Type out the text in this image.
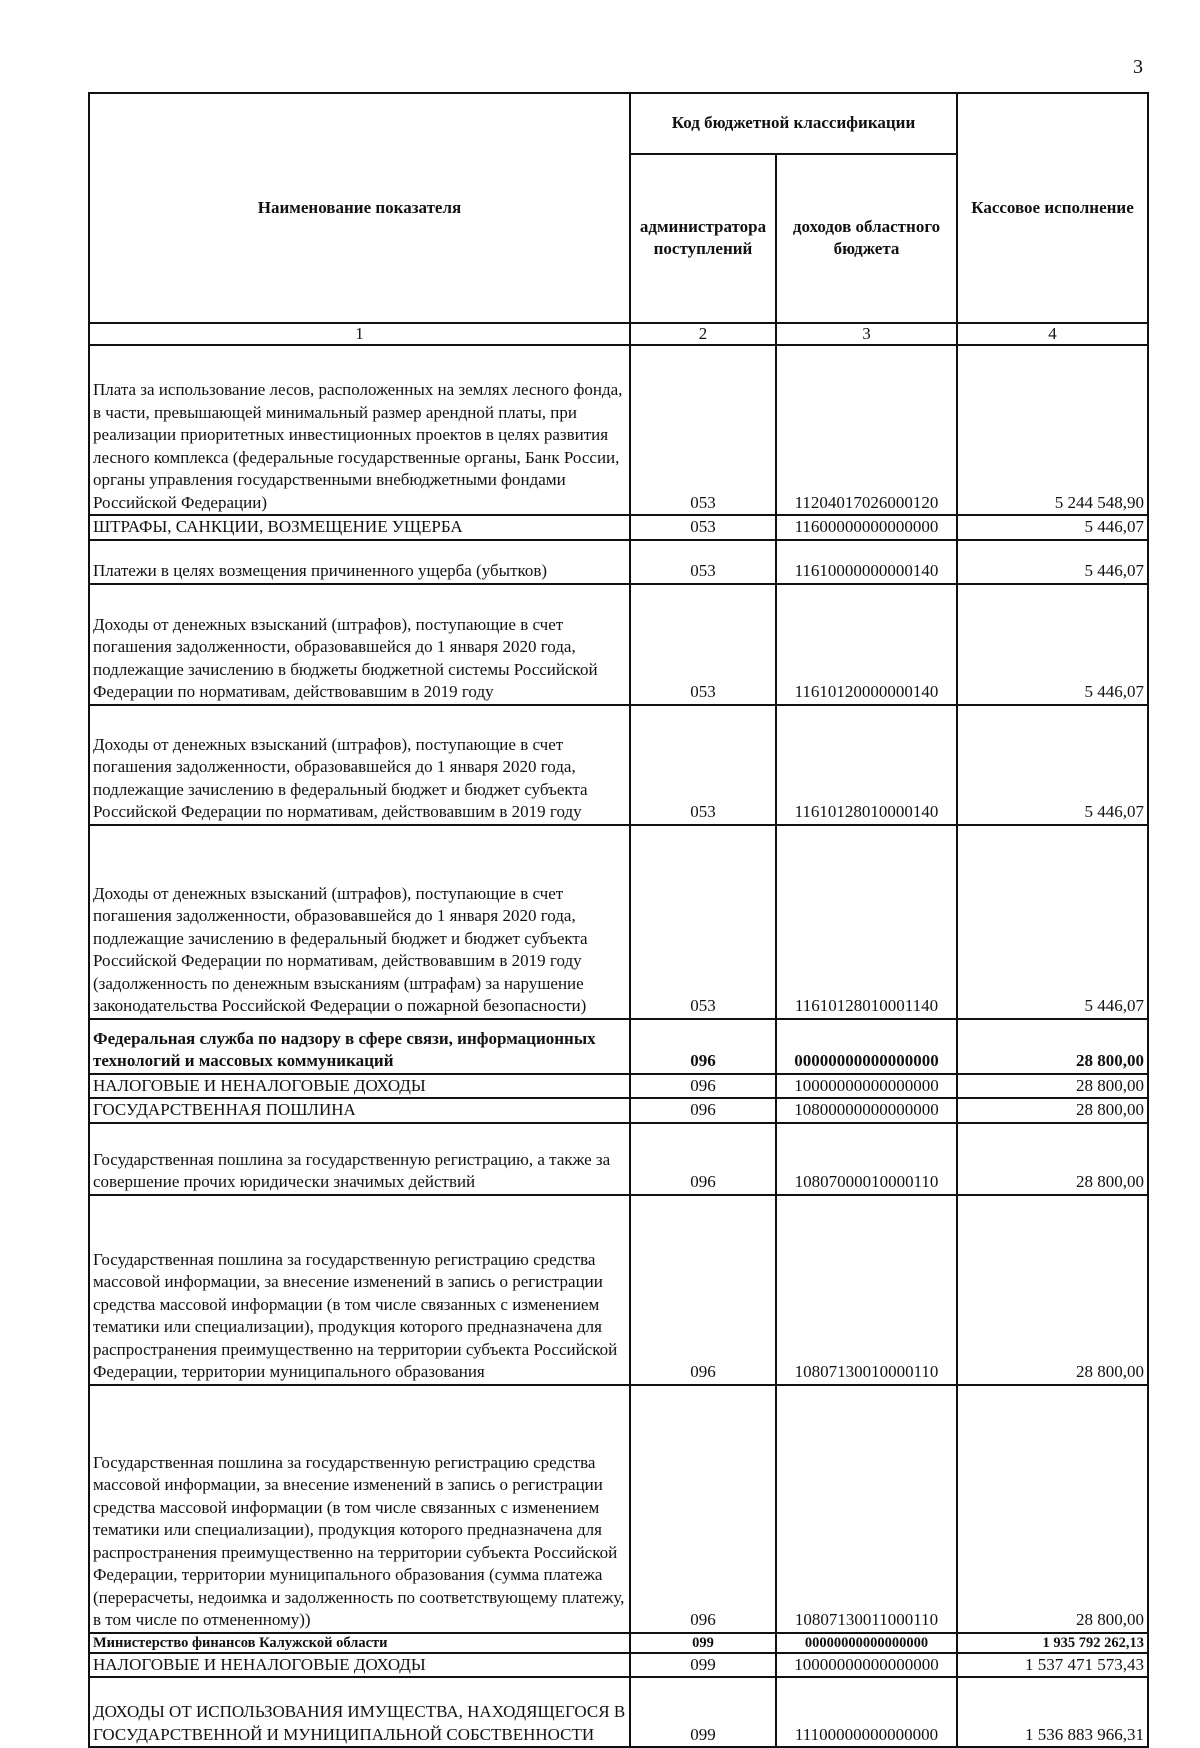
3
Наименование показателя	Код бюджетной классификации		Кассовое исполнение
	администратора поступлений	доходов областного бюджета	
1	2	3	4
Плата за использование лесов, расположенных на землях лесного фонда, в части, превышающей минимальный размер арендной платы, при реализации приоритетных инвестиционных проектов в целях развития лесного комплекса (федеральные государственные органы, Банк России, органы управления государственными внебюджетными фондами Российской Федерации)	053	11204017026000120	5 244 548,90
ШТРАФЫ, САНКЦИИ, ВОЗМЕЩЕНИЕ УЩЕРБА	053	11600000000000000	5 446,07
Платежи в целях возмещения причиненного ущерба (убытков)	053	11610000000000140	5 446,07
Доходы от денежных взысканий (штрафов), поступающие в счет погашения задолженности, образовавшейся до 1 января 2020 года, подлежащие зачислению в бюджеты бюджетной системы Российской Федерации по нормативам, действовавшим в 2019 году	053	11610120000000140	5 446,07
Доходы от денежных взысканий (штрафов), поступающие в счет погашения задолженности, образовавшейся до 1 января 2020 года, подлежащие зачислению в федеральный бюджет и бюджет субъекта Российской Федерации по нормативам, действовавшим в 2019 году	053	11610128010000140	5 446,07
Доходы от денежных взысканий (штрафов), поступающие в счет погашения задолженности, образовавшейся до 1 января 2020 года, подлежащие зачислению в федеральный бюджет и бюджет субъекта Российской Федерации по нормативам, действовавшим в 2019 году (задолженность по денежным взысканиям (штрафам) за нарушение законодательства Российской Федерации о пожарной безопасности)	053	11610128010001140	5 446,07
Федеральная служба по надзору в сфере связи, информационных технологий и массовых коммуникаций	096	00000000000000000	28 800,00
НАЛОГОВЫЕ И НЕНАЛОГОВЫЕ ДОХОДЫ	096	10000000000000000	28 800,00
ГОСУДАРСТВЕННАЯ ПОШЛИНА	096	10800000000000000	28 800,00
Государственная пошлина за государственную регистрацию, а также за совершение прочих юридически значимых действий	096	10807000010000110	28 800,00
Государственная пошлина за государственную регистрацию средства массовой информации, за внесение изменений в запись о регистрации средства массовой информации (в том числе связанных с изменением тематики или специализации), продукция которого предназначена для распространения преимущественно на территории субъекта Российской Федерации, территории муниципального образования	096	10807130010000110	28 800,00
Государственная пошлина за государственную регистрацию средства массовой информации, за внесение изменений в запись о регистрации средства массовой информации (в том числе связанных с изменением тематики или специализации), продукция которого предназначена для распространения преимущественно на территории субъекта Российской Федерации, территории муниципального образования (сумма платежа (перерасчеты, недоимка и задолженность по соответствующему платежу, в том числе по отмененному))	096	10807130011000110	28 800,00
Министерство финансов Калужской области	099	00000000000000000	1 935 792 262,13
НАЛОГОВЫЕ И НЕНАЛОГОВЫЕ ДОХОДЫ	099	10000000000000000	1 537 471 573,43
ДОХОДЫ ОТ ИСПОЛЬЗОВАНИЯ ИМУЩЕСТВА, НАХОДЯЩЕГОСЯ В ГОСУДАРСТВЕННОЙ И МУНИЦИПАЛЬНОЙ СОБСТВЕННОСТИ	099	11100000000000000	1 536 883 966,31
